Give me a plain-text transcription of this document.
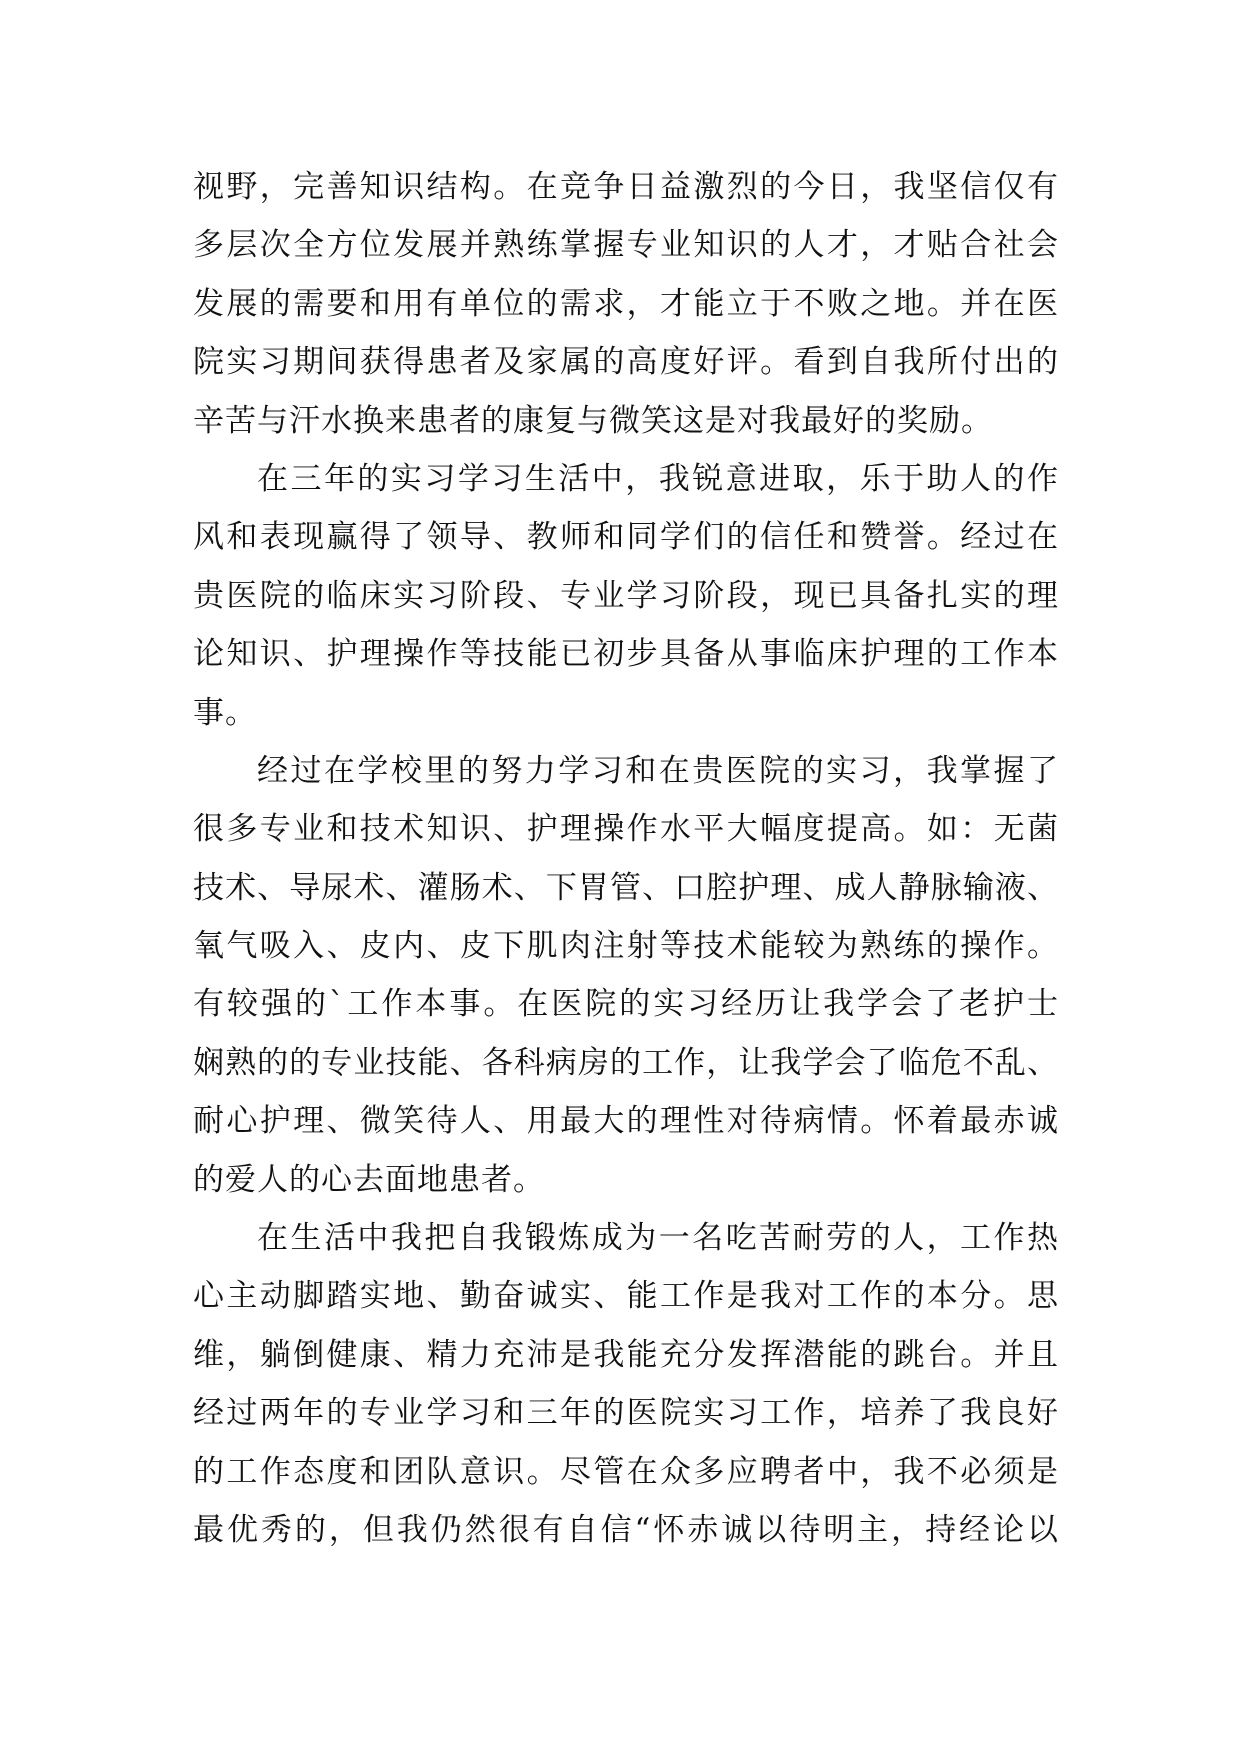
视野，完善知识结构。在竞争日益激烈的今日，我坚信仅有
多层次全方位发展并熟练掌握专业知识的人才，才贴合社会
发展的需要和用有单位的需求，才能立于不败之地。并在医
院实习期间获得患者及家属的高度好评。看到自我所付出的
辛苦与汗水换来患者的康复与微笑这是对我最好的奖励。
在三年的实习学习生活中，我锐意进取，乐于助人的作
风和表现赢得了领导、教师和同学们的信任和赞誉。经过在
贵医院的临床实习阶段、专业学习阶段，现已具备扎实的理
论知识、护理操作等技能已初步具备从事临床护理的工作本
事。
经过在学校里的努力学习和在贵医院的实习，我掌握了
很多专业和技术知识、护理操作水平大幅度提高。如：无菌
技术、导尿术、灌肠术、下胃管、口腔护理、成人静脉输液、
氧气吸入、皮内、皮下肌肉注射等技术能较为熟练的操作。
有较强的`工作本事。在医院的实习经历让我学会了老护士
娴熟的的专业技能、各科病房的工作，让我学会了临危不乱、
耐心护理、微笑待人、用最大的理性对待病情。怀着最赤诚
的爱人的心去面地患者。
在生活中我把自我锻炼成为一名吃苦耐劳的人，工作热
心主动脚踏实地、勤奋诚实、能工作是我对工作的本分。思
维，躺倒健康、精力充沛是我能充分发挥潜能的跳台。并且
经过两年的专业学习和三年的医院实习工作，培养了我良好
的工作态度和团队意识。尽管在众多应聘者中，我不必须是
最优秀的，但我仍然很有自信“怀赤诚以待明主，持经论以
